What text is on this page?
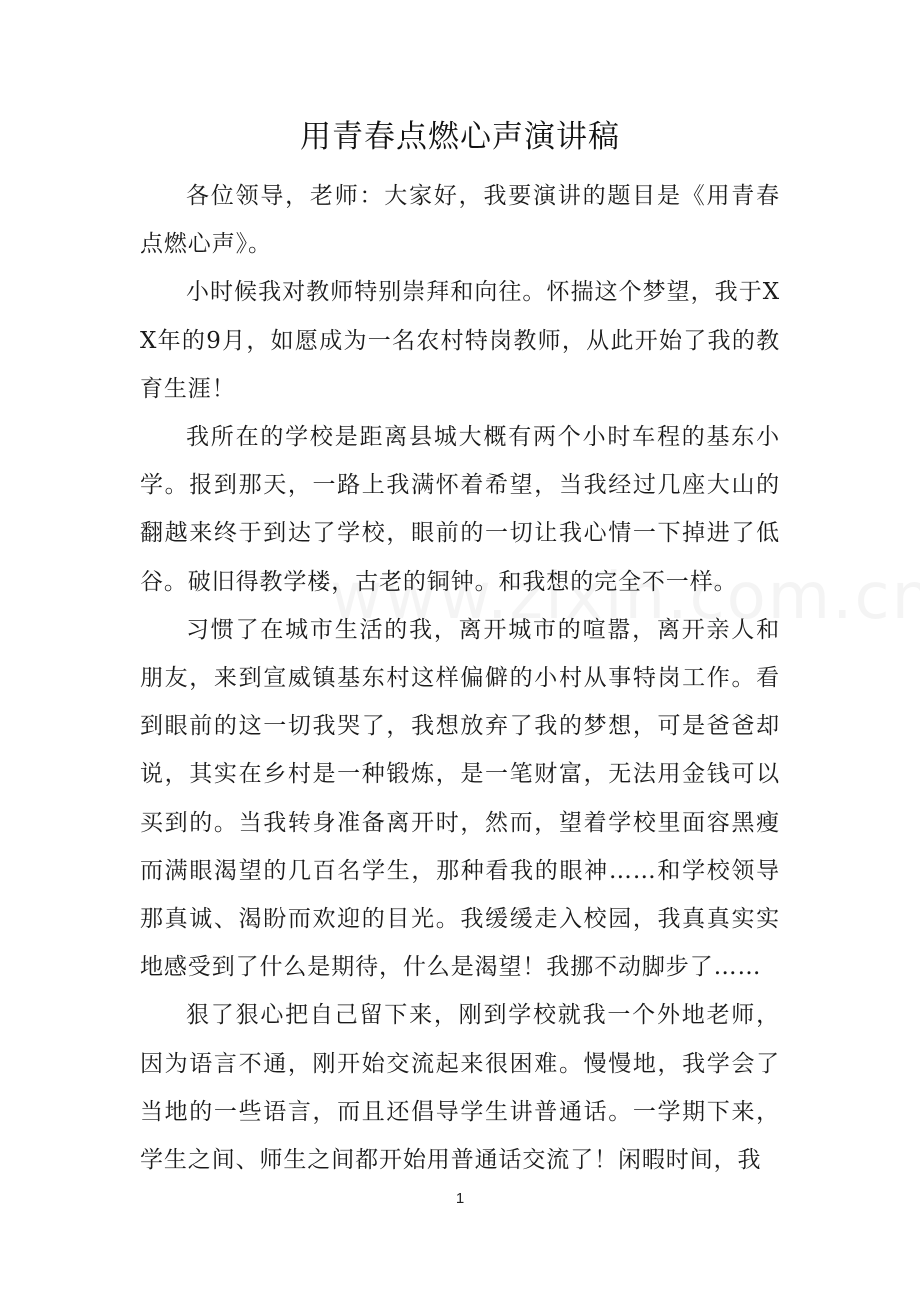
用青春点燃心声演讲稿

各位领导，老师：大家好，我要演讲的题目是《用青春点燃心声》。

小时候我对教师特别崇拜和向往。怀揣这个梦望，我于XX年的9月，如愿成为一名农村特岗教师，从此开始了我的教育生涯！

我所在的学校是距离县城大概有两个小时车程的基东小学。报到那天，一路上我满怀着希望，当我经过几座大山的翻越来终于到达了学校，眼前的一切让我心情一下掉进了低谷。破旧得教学楼，古老的铜钟。和我想的完全不一样。

习惯了在城市生活的我，离开城市的喧嚣，离开亲人和朋友，来到宣威镇基东村这样偏僻的小村从事特岗工作。看到眼前的这一切我哭了，我想放弃了我的梦想，可是爸爸却说，其实在乡村是一种锻炼，是一笔财富，无法用金钱可以买到的。当我转身准备离开时，然而，望着学校里面容黑瘦而满眼渴望的几百名学生，那种看我的眼神……和学校领导那真诚、渴盼而欢迎的目光。我缓缓走入校园，我真真实实地感受到了什么是期待，什么是渴望！我挪不动脚步了……

狠了狠心把自己留下来，刚到学校就我一个外地老师，因为语言不通，刚开始交流起来很困难。慢慢地，我学会了当地的一些语言，而且还倡导学生讲普通话。一学期下来，学生之间、师生之间都开始用普通话交流了！闲暇时间，我

1
